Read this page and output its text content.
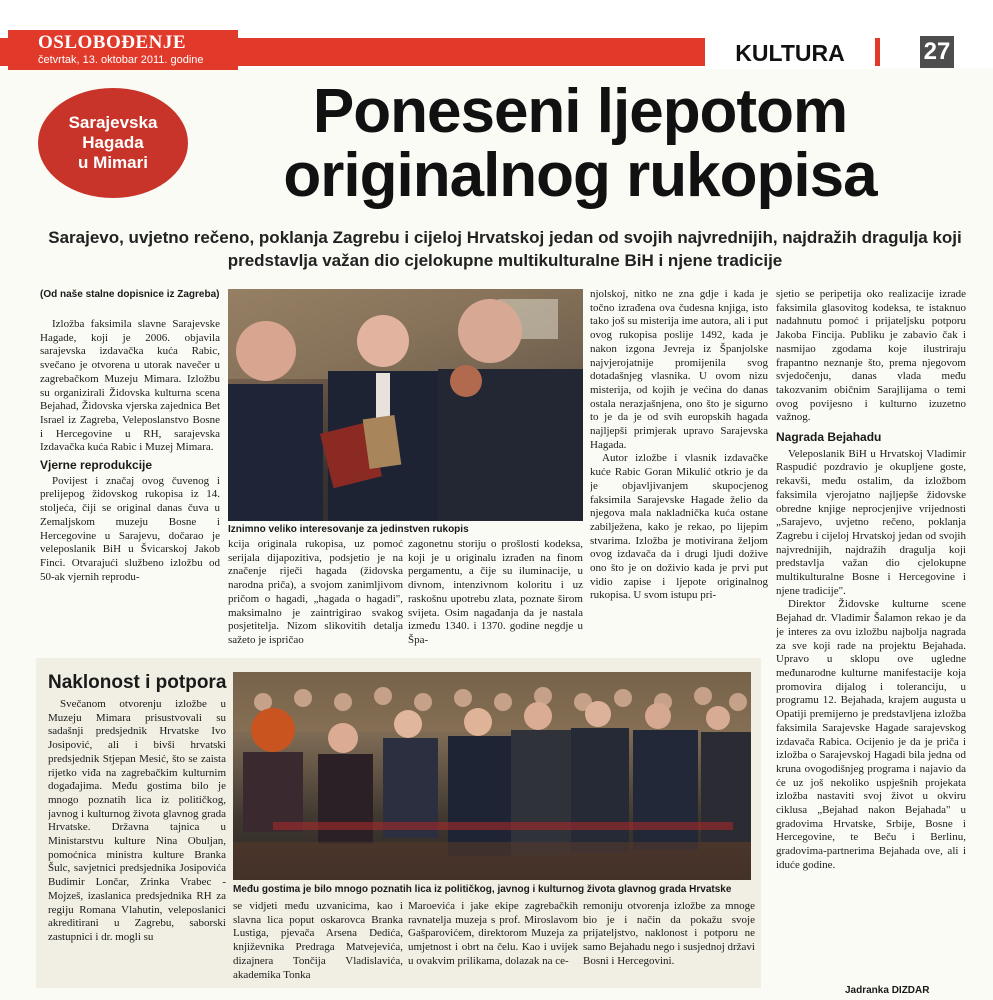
OSLOBOĐENJE
četvrtak, 13. oktobar 2011. godine	KULTURA	27
Sarajevska
Hagada
u Mimari
Poneseni ljepotom
originalnog rukopisa
Sarajevo, uvjetno rečeno, poklanja Zagrebu i cijeloj Hrvatskoj jedan od svojih najvrednijih, najdražih dragulja koji predstavlja važan dio cjelokupne multikulturalne BiH i njene tradicije
(Od naše stalne dopisnice iz Zagreba)

Izložba faksimila slavne Sarajevske Hagade, koji je 2006. objavila sarajevska izdavačka kuća Rabic, svečano je otvorena u utorak navečer u zagrebačkom Muzeju Mimara. Izložbu su organizirali Židovska kulturna scena Bejahad, Židovska vjerska zajednica Bet Israel iz Zagreba, Veleposlanstvo Bosne i Hercegovine u RH, sarajevska Izdavačka kuća Rabic i Muzej Mimara.

Vjerne reprodukcije

Povijest i značaj ovog čuvenog i prelijepog židovskog rukopisa iz 14. stoljeća, čiji se original danas čuva u Zemaljskom muzeju Bosne i Hercegovine u Sarajevu, dočarao je veleposlanik BiH u Švicarskoj Jakob Finci. Otvarajući službeno izložbu od 50-ak vjernih reprodu-

Iznimno veliko interesovanje za jedinstven rukopis

kcija originala rukopisa, uz pomoć serijala dijapozitiva, podsjetio je na značenje riječi hagada (židovska narodna priča), a svojom zanimljivom pričom o hagadi, „hagada o hagadi", maksimalno je zaintrigirao svakog posjetitelja. Nizom slikovitih detalja sažeto je ispričao

zagonetnu storiju o prošlosti kodeksa, koji je u originalu izrađen na finom pergamentu, a čije su iluminacije, u divnom, intenzivnom koloritu i uz raskošnu upotrebu zlata, poznate širom svijeta. Osim nagađanja da je nastala između 1340. i 1370. godine negdje u Špa-

njolskoj, nitko ne zna gdje i kada je točno izrađena ova čudesna knjiga, isto tako još su misterija ime autora, ali i put ovog rukopisa poslije 1492, kada je nakon izgona Jevreja iz Španjolske najvjerojatnije promijenila svog dotadašnjeg vlasnika. U ovom nizu misterija, od kojih je većina do danas ostala nerazjašnjena, ono što je sigurno to je da je od svih europskih hagada najljepši primjerak upravo Sarajevska Hagada.

Autor izložbe i vlasnik izdavačke kuće Rabic Goran Mikulić otkrio je da je objavljivanjem skupocjenog faksimila Sarajevske Hagade želio da njegova mala nakladnička kuća ostane zabilježena, kako je rekao, po lijepim stvarima. Izložba je motivirana željom ovog izdavača da i drugi ljudi dožive ono što je on doživio kada je prvi put vidio zapise i ljepote originalnog rukopisa. U svom istupu pri-

sjetio se peripetija oko realizacije izrade faksimila glasovitog kodeksa, te istaknuo nadahnutu pomoć i prijateljsku potporu Jakoba Fincija. Publiku je zabavio čak i nasmijao zgodama koje ilustriraju frapantno neznanje što, prema njegovom svjedočenju, danas vlada među takozvanim običnim Sarajlijama o temi ovog povijesno i kulturno izuzetno važnog.

Nagrada Bejahadu

Veleposlanik BiH u Hrvatskoj Vladimir Raspudić pozdravio je okupljene goste, rekavši, među ostalim, da izložbom faksimila vjerojatno najljepše židovske obredne knjige neprocjenjive vrijednosti „Sarajevo, uvjetno rečeno, poklanja Zagrebu i cijeloj Hrvatskoj jedan od svojih najvrednijih, najdražih dragulja koji predstavlja važan dio cjelokupne multikulturalne Bosne i Hercegovine i njene tradicije".

Direktor Židovske kulturne scene Bejahad dr. Vladimir Šalamon rekao je da je interes za ovu izložbu najbolja nagrada za sve koji rade na projektu Bejahada. Upravo u sklopu ove ugledne međunarodne kulturne manifestacije koja promovira dijalog i toleranciju, u programu 12. Bejahada, krajem augusta u Opatiji premijerno je predstavljena izložba faksimila Sarajevske Hagade sarajevskog izdavača Rabica. Ocijenio je da je priča i izložba o Sarajevskoj Hagadi bila jedna od kruna ovogodišnjeg programa i najavio da će uz još nekoliko uspješnih projekata izložba nastaviti svoj život u okviru ciklusa „Bejahad nakon Bejahada" u gradovima Hrvatske, Srbije, Bosne i Hercegovine, te Beču i Berlinu, gradovima-partnerima Bejahada ove, ali i iduće godine.

Naklonost i potpora

Svečanom otvorenju izložbe u Muzeju Mimara prisustvovali su sadašnji predsjednik Hrvatske Ivo Josipović, ali i bivši hrvatski predsjednik Stjepan Mesić, što se zaista rijetko viđa na zagrebačkim kulturnim događajima. Među gostima bilo je mnogo poznatih lica iz političkog, javnog i kulturnog života glavnog grada Hrvatske. Državna tajnica u Ministarstvu kulture Nina Obuljan, pomoćnica ministra kulture Branka Šulc, savjetnici predsjednika Josipovića Budimir Lončar, Zrinka Vrabec - Mojzeš, izaslanica predsjednika RH za regiju Romana Vlahutin, veleposlanici akreditirani u Zagrebu, saborski zastupnici i dr. mogli su

Među gostima je bilo mnogo poznatih lica iz političkog, javnog i kulturnog života glavnog grada Hrvatske

se vidjeti među uzvanicima, kao i slavna lica poput oskarovca Branka Lustiga, pjevača Arsena Dedića, književnika Predraga Matvejevića, dizajnera Tončija Vladislavića, akademika Tonka

Maroevića i jake ekipe zagrebačkih ravnatelja muzeja s prof. Miroslavom Gašparovićem, direktorom Muzeja za umjetnost i obrt na čelu. Kao i uvijek u ovakvim prilikama, dolazak na ce-

remoniju otvorenja izložbe za mnoge bio je i način da pokažu svoje prijateljstvo, naklonost i potporu ne samo Bejahadu nego i susjednoj državi Bosni i Hercegovini.

Jadranka DIZDAR
